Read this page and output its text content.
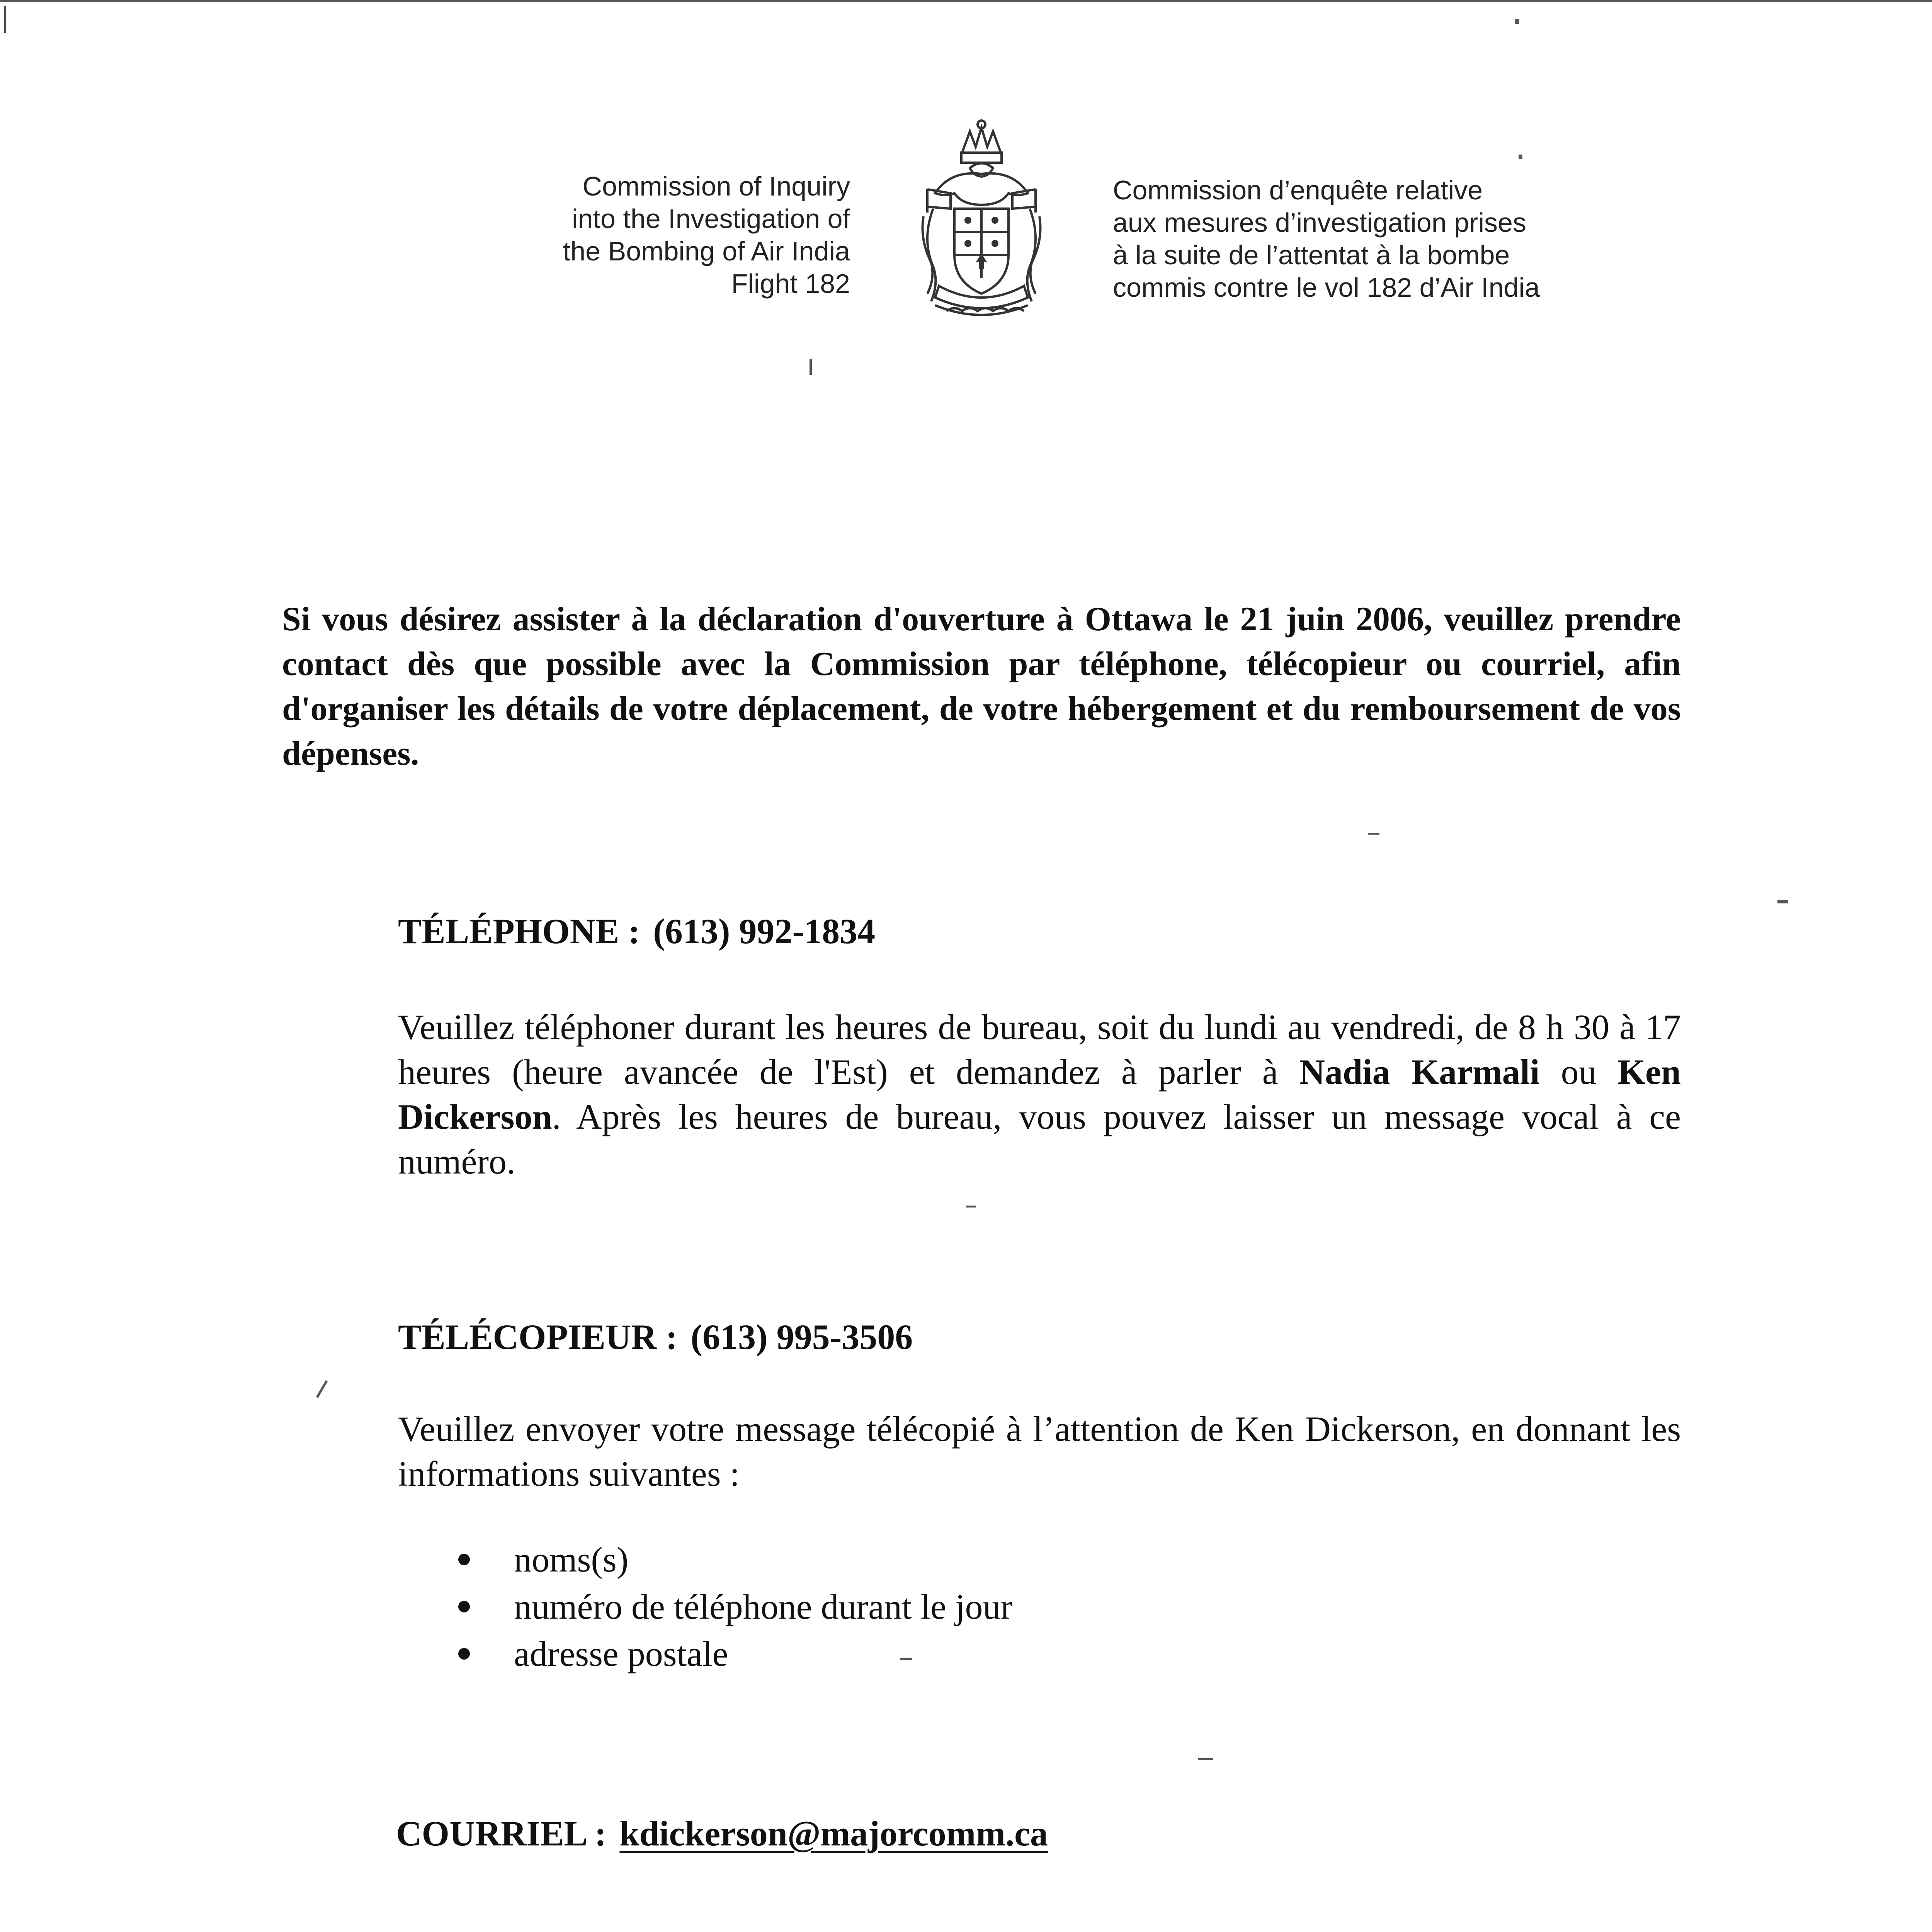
Commission of Inquiry
into the Investigation of
the Bombing of Air India
Flight 182
Commission d’enquête relative
aux mesures d’investigation prises
à la suite de l’attentat à la bombe
commis contre le vol 182 d’Air India

Si vous désirez assister à la déclaration d'ouverture à Ottawa le 21 juin 2006, veuillez prendre contact dès que possible avec la Commission par téléphone, télécopieur ou courriel, afin d'organiser les détails de votre déplacement, de votre hébergement et du remboursement de vos dépenses.

TÉLÉPHONE : (613) 992-1834

Veuillez téléphoner durant les heures de bureau, soit du lundi au vendredi, de 8 h 30 à 17 heures (heure avancée de l'Est) et demandez à parler à Nadia Karmali ou Ken Dickerson. Après les heures de bureau, vous pouvez laisser un message vocal à ce numéro.

TÉLÉCOPIEUR : (613) 995-3506

Veuillez envoyer votre message télécopié à l’attention de Ken Dickerson, en donnant les informations suivantes :

noms(s)
numéro de téléphone durant le jour
adresse postale
COURRIEL : kdickerson@majorcomm.ca
